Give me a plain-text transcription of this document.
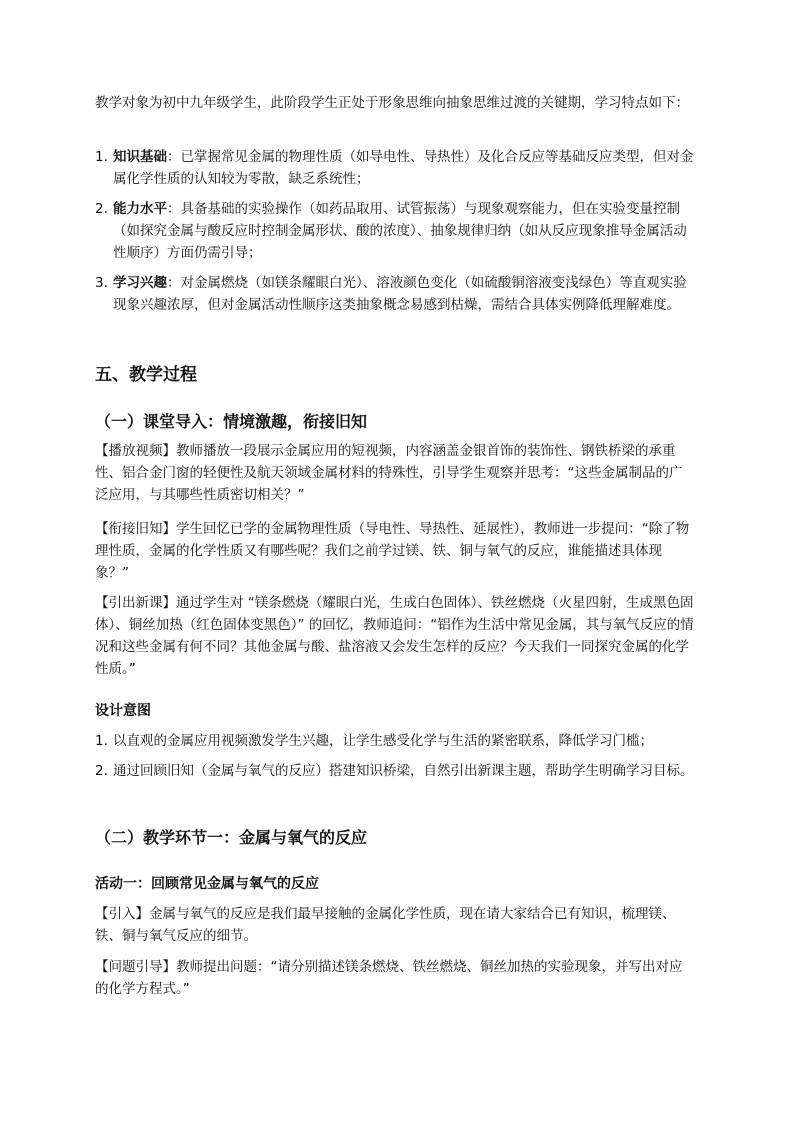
教学对象为初中九年级学生，此阶段学生正处于形象思维向抽象思维过渡的关键期，学习特点如下：

1. 知识基础：已掌握常见金属的物理性质（如导电性、导热性）及化合反应等基础反应类型，但对金属化学性质的认知较为零散，缺乏系统性；
2. 能力水平：具备基础的实验操作（如药品取用、试管振荡）与现象观察能力，但在实验变量控制（如探究金属与酸反应时控制金属形状、酸的浓度）、抽象规律归纳（如从反应现象推导金属活动性顺序）方面仍需引导；
3. 学习兴趣：对金属燃烧（如镁条耀眼白光）、溶液颜色变化（如硫酸铜溶液变浅绿色）等直观实验现象兴趣浓厚，但对金属活动性顺序这类抽象概念易感到枯燥，需结合具体实例降低理解难度。
五、教学过程
（一）课堂导入：情境激趣，衔接旧知

【播放视频】教师播放一段展示金属应用的短视频，内容涵盖金银首饰的装饰性、钢铁桥梁的承重性、铝合金门窗的轻便性及航天领域金属材料的特殊性，引导学生观察并思考：“这些金属制品的广泛应用，与其哪些性质密切相关？”

【衔接旧知】学生回忆已学的金属物理性质（导电性、导热性、延展性），教师进一步提问：“除了物理性质，金属的化学性质又有哪些呢？我们之前学过镁、铁、铜与氧气的反应，谁能描述具体现象？”

【引出新课】通过学生对 “镁条燃烧（耀眼白光，生成白色固体）、铁丝燃烧（火星四射，生成黑色固体）、铜丝加热（红色固体变黑色）” 的回忆，教师追问：“铝作为生活中常见金属，其与氧气反应的情况和这些金属有何不同？其他金属与酸、盐溶液又会发生怎样的反应？今天我们一同探究金属的化学性质。”

设计意图
1. 以直观的金属应用视频激发学生兴趣，让学生感受化学与生活的紧密联系，降低学习门槛；
2. 通过回顾旧知（金属与氧气的反应）搭建知识桥梁，自然引出新课主题，帮助学生明确学习目标。
（二）教学环节一：金属与氧气的反应
活动一：回顾常见金属与氧气的反应

【引入】金属与氧气的反应是我们最早接触的金属化学性质，现在请大家结合已有知识，梳理镁、铁、铜与氧气反应的细节。

【问题引导】教师提出问题：“请分别描述镁条燃烧、铁丝燃烧、铜丝加热的实验现象，并写出对应的化学方程式。”
